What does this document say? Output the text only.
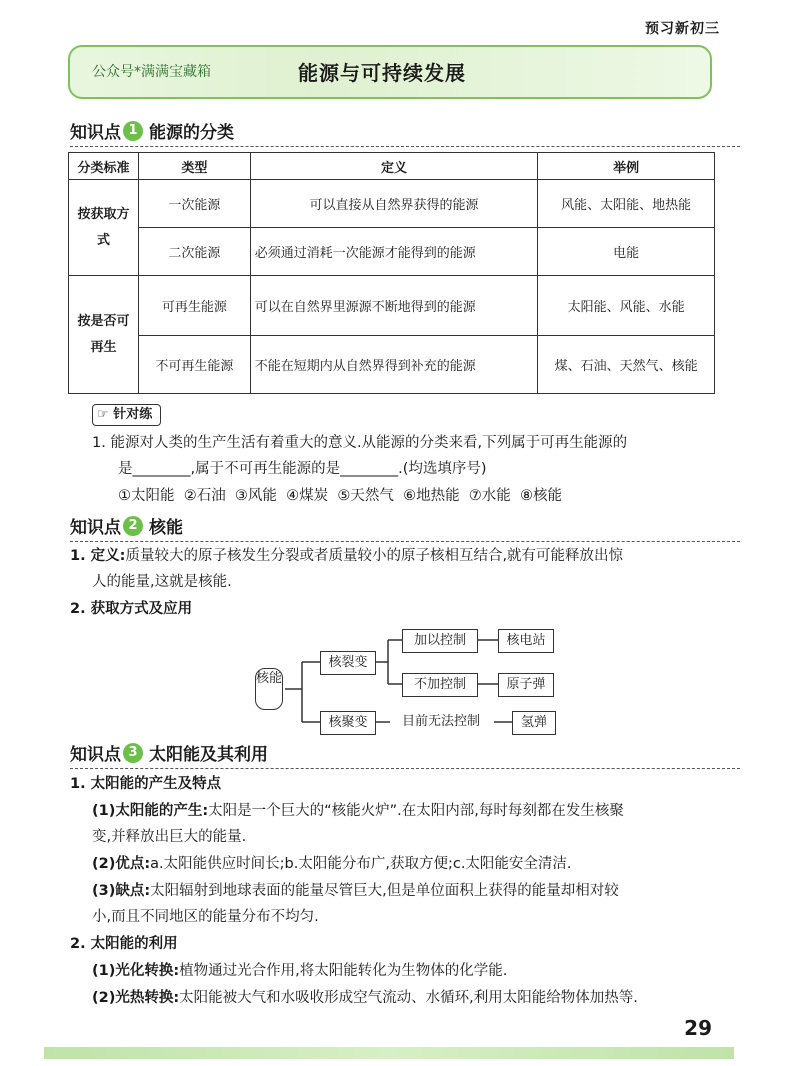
预习新初三
公众号*满满宝藏箱	能源与可持续发展
知识点 1 能源的分类
分类标准	类型	定义	举例
按获取方式	一次能源	可以直接从自然界获得的能源	风能、太阳能、地热能
	二次能源	必须通过消耗一次能源才能得到的能源	电能
按是否可再生	可再生能源	可以在自然界里源源不断地得到的能源	太阳能、风能、水能
	不可再生能源	不能在短期内从自然界得到补充的能源	煤、石油、天然气、核能
☞ 针对练
1. 能源对人类的生产生活有着重大的意义.从能源的分类来看,下列属于可再生能源的
是________,属于不可再生能源的是________.(均选填序号)
①太阳能  ②石油  ③风能  ④煤炭  ⑤天然气  ⑥地热能  ⑦水能  ⑧核能
知识点 2 核能
1. 定义:质量较大的原子核发生分裂或者质量较小的原子核相互结合,就有可能释放出惊
人的能量,这就是核能.
2. 获取方式及应用
核能
核裂变
核聚变
加以控制
不加控制
目前无法控制
核电站
原子弹
氢弹
知识点 3 太阳能及其利用
1. 太阳能的产生及特点
(1)太阳能的产生:太阳是一个巨大的“核能火炉”.在太阳内部,每时每刻都在发生核聚
变,并释放出巨大的能量.
(2)优点:a.太阳能供应时间长;b.太阳能分布广,获取方便;c.太阳能安全清洁.
(3)缺点:太阳辐射到地球表面的能量尽管巨大,但是单位面积上获得的能量却相对较
小,而且不同地区的能量分布不均匀.
2. 太阳能的利用
(1)光化转换:植物通过光合作用,将太阳能转化为生物体的化学能.
(2)光热转换:太阳能被大气和水吸收形成空气流动、水循环,利用太阳能给物体加热等.
29
